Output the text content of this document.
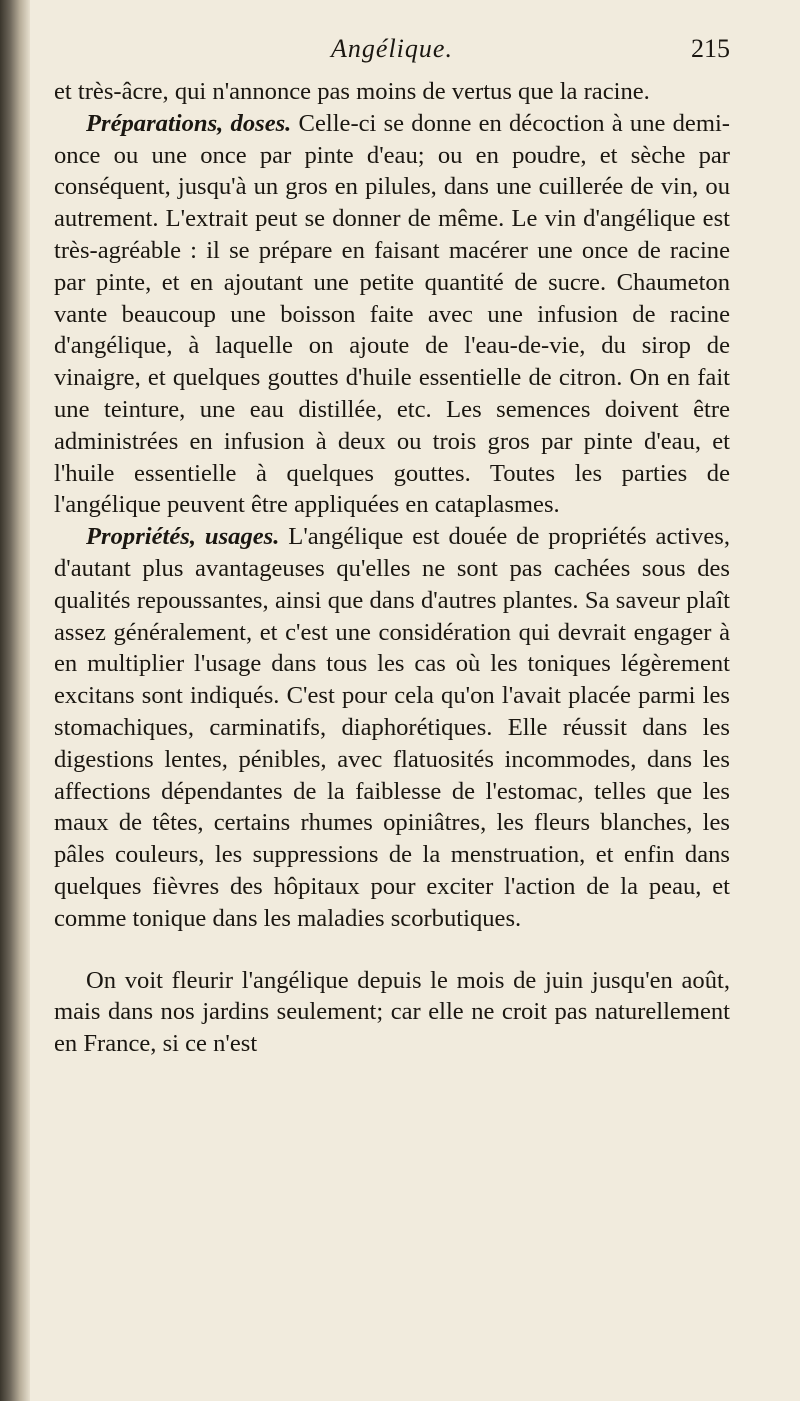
Angélique.	215

et très-âcre, qui n'annonce pas moins de vertus que la racine.

Préparations, doses. Celle-ci se donne en décoction à une demi-once ou une once par pinte d'eau; ou en poudre, et sèche par conséquent, jusqu'à un gros en pilules, dans une cuillerée de vin, ou autrement. L'extrait peut se donner de même. Le vin d'angélique est très-agréable : il se prépare en faisant macérer une once de racine par pinte, et en ajoutant une petite quantité de sucre. Chaumeton vante beaucoup une boisson faite avec une infusion de racine d'angélique, à laquelle on ajoute de l'eau-de-vie, du sirop de vinaigre, et quelques gouttes d'huile essentielle de citron. On en fait une teinture, une eau distillée, etc. Les semences doivent être administrées en infusion à deux ou trois gros par pinte d'eau, et l'huile essentielle à quelques gouttes. Toutes les parties de l'angélique peuvent être appliquées en cataplasmes.

Propriétés, usages. L'angélique est douée de propriétés actives, d'autant plus avantageuses qu'elles ne sont pas cachées sous des qualités repoussantes, ainsi que dans d'autres plantes. Sa saveur plaît assez généralement, et c'est une considération qui devrait engager à en multiplier l'usage dans tous les cas où les toniques légèrement excitans sont indiqués. C'est pour cela qu'on l'avait placée parmi les stomachiques, carminatifs, diaphorétiques. Elle réussit dans les digestions lentes, pénibles, avec flatuosités incommodes, dans les affections dépendantes de la faiblesse de l'estomac, telles que les maux de têtes, certains rhumes opiniâtres, les fleurs blanches, les pâles couleurs, les suppressions de la menstruation, et enfin dans quelques fièvres des hôpitaux pour exciter l'action de la peau, et comme tonique dans les maladies scorbutiques.

On voit fleurir l'angélique depuis le mois de juin jusqu'en août, mais dans nos jardins seulement; car elle ne croit pas naturellement en France, si ce n'est
